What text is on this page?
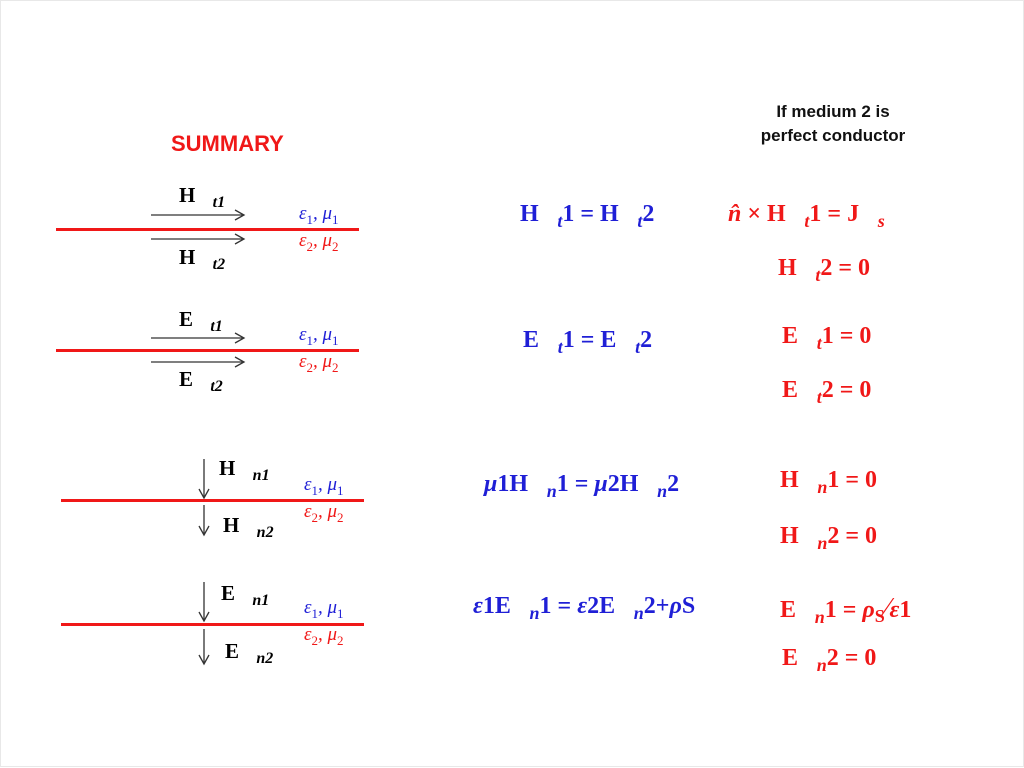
SUMMARY
If medium 2 is
perfect conductor
$H⃗_{t1}$
$H⃗_{t2}$
$E⃗_{t1}$
$E⃗_{t2}$
$H⃗_{n1}$
$H⃗_{n2}$
$E⃗_{n1}$
$E⃗_{n2}$
$\varepsilon_1$, $\mu_1$
$\varepsilon_2$, $\mu_2$
$\varepsilon_1$, $\mu_1$
$\varepsilon_2$, $\mu_2$
$\varepsilon_1$, $\mu_1$
$\varepsilon_2$, $\mu_2$
$\varepsilon_1$, $\mu_1$
$\varepsilon_2$, $\mu_2$
$H⃗_t1$ = $H⃗_t2$
$E⃗_t1$ = $E⃗_t2$
$\mu 1H⃗_n1$ = $\mu 2H⃗_n2$
$\varepsilon 1E⃗_n1$ = $\varepsilon 2E⃗_n2+\rho S$
n̂ × $H⃗_t1$ = $J⃗_s$
$H⃗_t2 = 0$
$E⃗_t1 = 0$
$E⃗_t2 = 0$
$H⃗_n1 = 0$
$H⃗_n2 = 0$
$E⃗_n1$ = $\rho_S⁄\varepsilon 1$
$E⃗_n2 = 0$
